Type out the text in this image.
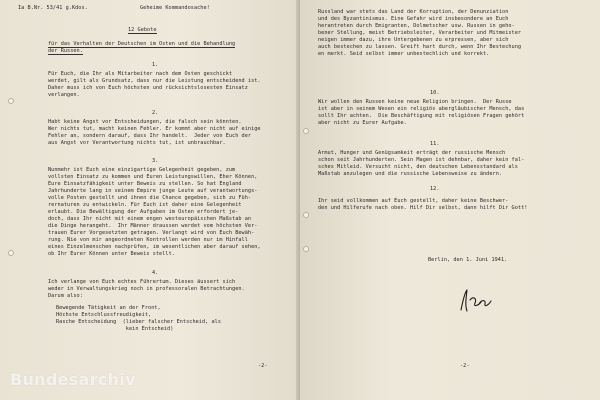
Ia B.Nr. 53/41 g.Kdos.	Geheime Kommandosache!
12 Gebote
für das Verhalten der Deutschen im Osten und die Behandlung
der Russen.
1.
Für Euch, die Ihr als Mitarbeiter nach dem Osten geschickt
werdet, gilt als Grundsatz, dass nur die Leistung entscheidend ist.
Daher muss ich von Euch höchsten und rücksichtslosesten Einsatz
verlangen.
2.
Habt keine Angst vor Entscheidungen, die falsch sein könnten.
Wer nichts tut, macht keinen Fehler. Er kommt aber nicht auf einige
Fehler an, sondern darauf, dass Ihr handelt.  Jeder von Euch der
aus Angst vor Verantwortung nichts tut, ist unbrauchbar.
3.
Nunmehr ist Euch eine einzigartige Gelegenheit gegeben, zum
vollsten Einsatz zu kommen und Euren Leistungswillen, Eher Können,
Eure Einsatzfähigkeit unter Beweis zu stellen. So hat England
Jahrhunderte lang in seinem Empire junge Leute auf verantwortungs-
volle Posten gestellt und ihnen die Chance gegeben, sich zu Füh-
rernaturen zu entwickeln. Für Euch ist daher eine Gelegenheit
erlaubt. Die Bewältigung der Aufgaben im Osten erfordert je-
doch, dass Ihr nicht mit einem engen westeuropäischen Maßstab an
die Dinge herangeht.  Ihr Männer draussen werdet vom höchsten Ver-
trauen Eurer Vorgesetzten getragen. Verlangt wird von Euch Bewäh-
rung. Nie von mir angeordneten Kontrollen werden nur im Hinfall
eines Einzelmenschen nachprüfen, im wesentlichen aber darauf sehen,
ob Ihr Eurer Können unter Beweis stellt.
4.
Ich verlange von Euch echtes Führertum. Dieses äussert sich
weder in Verwaltungskrieg noch in professoralen Betrachtungen.
Darum also:
Bewegende Tätigkeit an der Front,
Höchste Entschlussfreudigkeit,
Rasche Entscheidung  (lieber falscher Entscheid, als
kein Entscheid)
-2-
Russland war stets das Land der Korruption, der Denunziation
und des Byzantinismus. Eine Gefahr wird insbesondere an Euch
herantreten durch Emigranten, Dolmetscher usw. Russen in geho-
bener Stellung, meist Betriebsleiter, Verarbeiter und Mitmeister
neigen immer dazu, ihre Untergebenen zu erpressen, aber sich
auch bestechen zu lassen. Greift hart durch, wenn Ihr Bestechung
en merkt. Seid selbst immer unbestechlich und korrekt.
10.
Wir wollen den Russen keine neue Religion bringen.  Der Russe
ist aber in seinem Wesen ein religiös abergläubischer Mensch, das
sollt Ihr achten.  Die Beschäftigung mit religiösen Fragen gehört
aber nicht zu Eurer Aufgabe.
11.
Armut, Hunger und Genügsamkeit erträgt der russische Mensch
schon seit Jahrhunderten. Sein Magen ist dehnbar, daher kein fal-
sches Mitleid. Versucht nicht, den deutschen Lebensstandard als
Maßstab anzulegen und die russische Lebensweise zu ändern.
12.
Ihr seid vollkommen auf Euch gestellt, daher keine Beschwer-
den und Hilferufe nach oben. Hilf Dir selbst, dann hilft Dir Gott!
Berlin, den 1. Juni 1941.
-2-
Bundesarchiv
